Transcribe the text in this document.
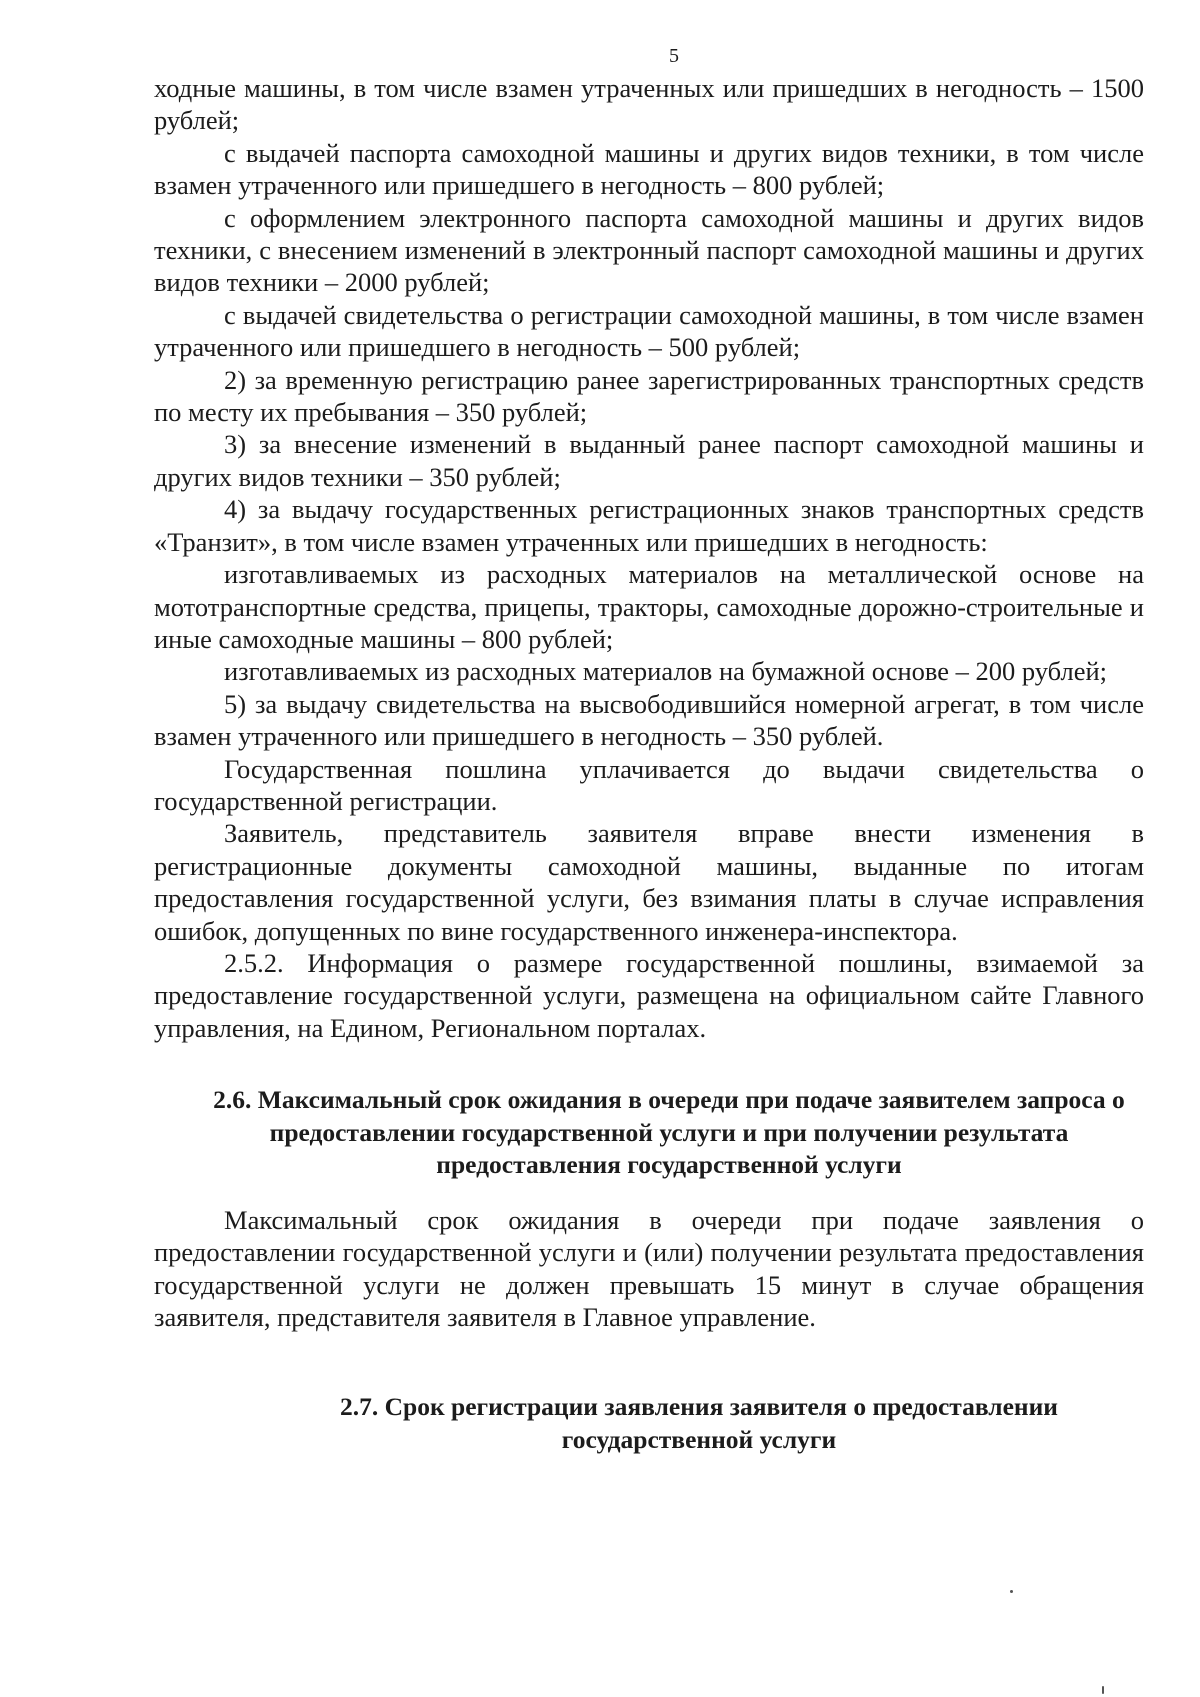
5

ходные машины, в том числе взамен утраченных или пришедших в негодность – 1500 рублей;

с выдачей паспорта самоходной машины и других видов техники, в том числе взамен утраченного или пришедшего в негодность – 800 рублей;

с оформлением электронного паспорта самоходной машины и других видов техники, с внесением изменений в электронный паспорт самоходной машины и других видов техники – 2000 рублей;

с выдачей свидетельства о регистрации самоходной машины, в том числе взамен утраченного или пришедшего в негодность – 500 рублей;

2) за временную регистрацию ранее зарегистрированных транспортных средств по месту их пребывания – 350 рублей;

3) за внесение изменений в выданный ранее паспорт самоходной машины и других видов техники – 350 рублей;

4) за выдачу государственных регистрационных знаков транспортных средств «Транзит», в том числе взамен утраченных или пришедших в негодность:

изготавливаемых из расходных материалов на металлической основе на мототранспортные средства, прицепы, тракторы, самоходные дорожно-строительные и иные самоходные машины – 800 рублей;

изготавливаемых из расходных материалов на бумажной основе – 200 рублей;

5) за выдачу свидетельства на высвободившийся номерной агрегат, в том числе взамен утраченного или пришедшего в негодность – 350 рублей.

Государственная пошлина уплачивается до выдачи свидетельства о государственной регистрации.

Заявитель, представитель заявителя вправе внести изменения в регистрационные документы самоходной машины, выданные по итогам предоставления государственной услуги, без взимания платы в случае исправления ошибок, допущенных по вине государственного инженера-инспектора.

2.5.2. Информация о размере государственной пошлины, взимаемой за предоставление государственной услуги, размещена на официальном сайте Главного управления, на Едином, Региональном порталах.

2.6. Максимальный срок ожидания в очереди при подаче заявителем запроса о предоставлении государственной услуги и при получении результата предоставления государственной услуги

Максимальный срок ожидания в очереди при подаче заявления о предоставлении государственной услуги и (или) получении результата предоставления государственной услуги не должен превышать 15 минут в случае обращения заявителя, представителя заявителя в Главное управление.

2.7. Срок регистрации заявления заявителя о предоставлении государственной услуги
